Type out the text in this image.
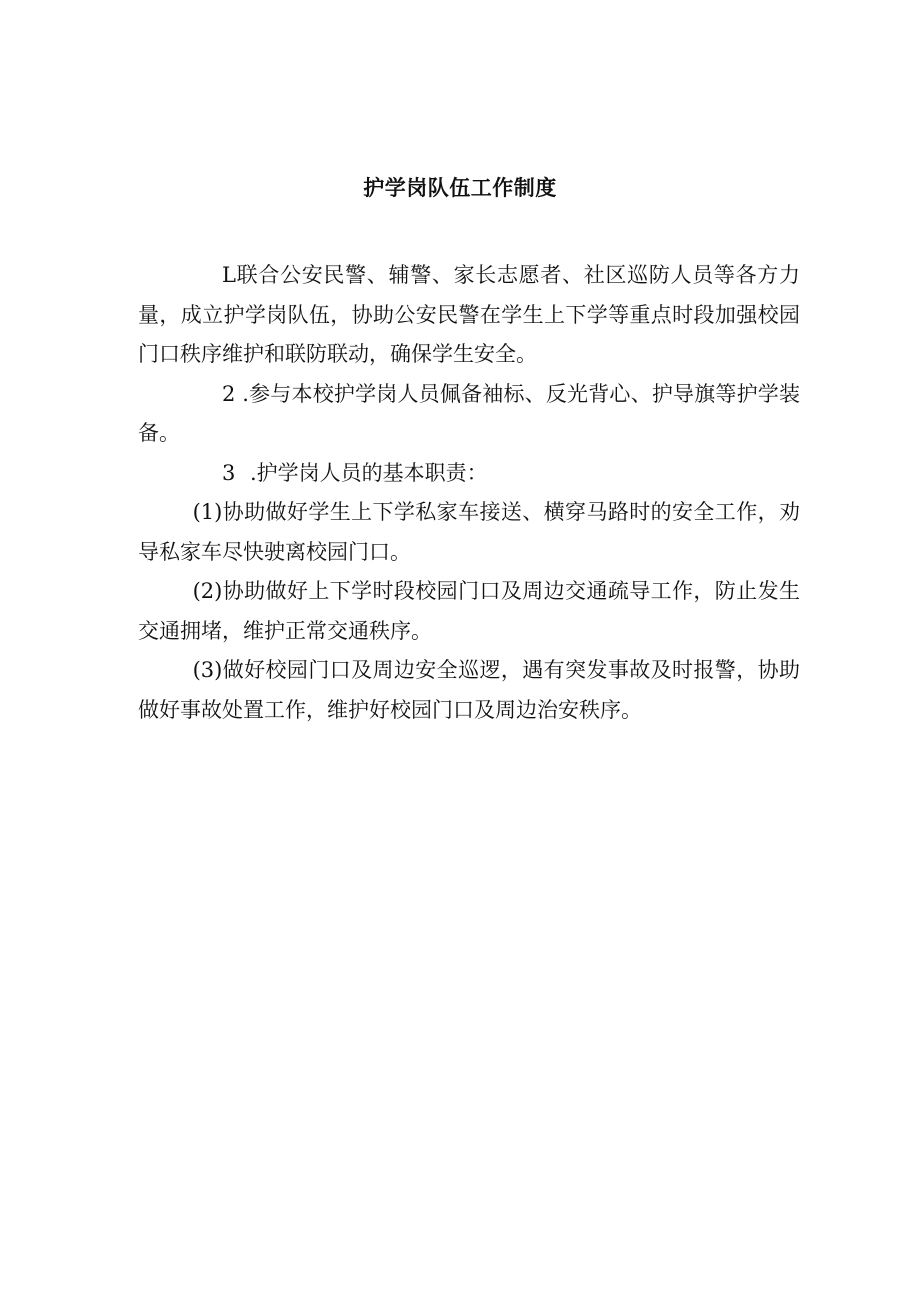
护学岗队伍工作制度

L联合公安民警、辅警、家长志愿者、社区巡防人员等各方力量，成立护学岗队伍，协助公安民警在学生上下学等重点时段加强校园门口秩序维护和联防联动，确保学生安全。

2 .参与本校护学岗人员佩备袖标、反光背心、护导旗等护学装备。

3 .护学岗人员的基本职责：

(1)协助做好学生上下学私家车接送、横穿马路时的安全工作，劝导私家车尽快驶离校园门口。

(2)协助做好上下学时段校园门口及周边交通疏导工作，防止发生交通拥堵，维护正常交通秩序。

(3)做好校园门口及周边安全巡逻，遇有突发事故及时报警，协助做好事故处置工作，维护好校园门口及周边治安秩序。
